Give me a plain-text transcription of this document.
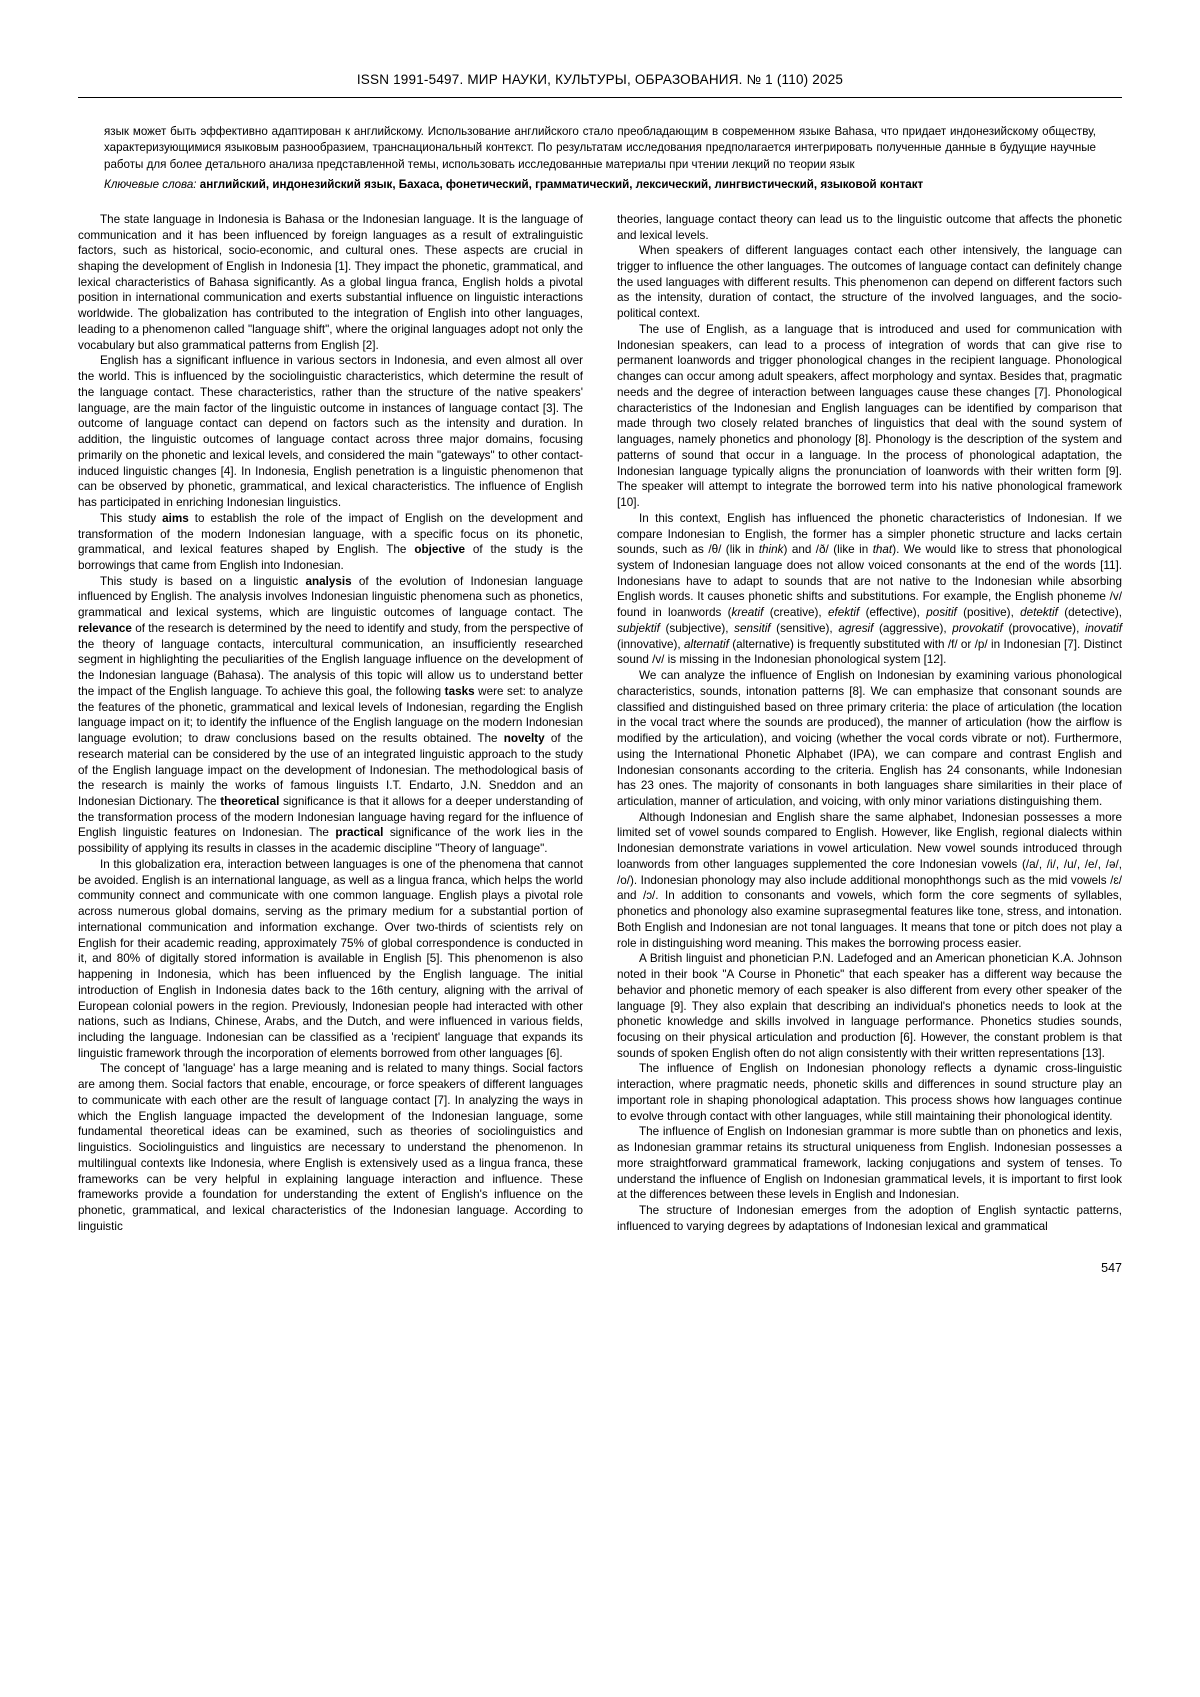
ISSN 1991-5497. МИР НАУКИ, КУЛЬТУРЫ, ОБРАЗОВАНИЯ. № 1 (110) 2025
язык может быть эффективно адаптирован к английскому. Использование английского стало преобладающим в современном языке Bahasa, что придает индонезийскому обществу, характеризующимися языковым разнообразием, транснациональный контекст. По результатам исследования предполагается интегрировать полученные данные в будущие научные работы для более детального анализа представленной темы, использовать исследованные материалы при чтении лекций по теории язык
Ключевые слова: английский, индонезийский язык, Бахаса, фонетический, грамматический, лексический, лингвистический, языковой контакт

The state language in Indonesia is Bahasa or the Indonesian language. It is the language of communication and it has been influenced by foreign languages as a result of extralinguistic factors, such as historical, socio-economic, and cultural ones. These aspects are crucial in shaping the development of English in Indonesia [1]. They impact the phonetic, grammatical, and lexical characteristics of Bahasa significantly. As a global lingua franca, English holds a pivotal position in international communication and exerts substantial influence on linguistic interactions worldwide. The globalization has contributed to the integration of English into other languages, leading to a phenomenon called "language shift", where the original languages adopt not only the vocabulary but also grammatical patterns from English [2].

English has a significant influence in various sectors in Indonesia, and even almost all over the world. This is influenced by the sociolinguistic characteristics, which determine the result of the language contact. These characteristics, rather than the structure of the native speakers' language, are the main factor of the linguistic outcome in instances of language contact [3]. The outcome of language contact can depend on factors such as the intensity and duration. In addition, the linguistic outcomes of language contact across three major domains, focusing primarily on the phonetic and lexical levels, and considered the main "gateways" to other contact-induced linguistic changes [4]. In Indonesia, English penetration is a linguistic phenomenon that can be observed by phonetic, grammatical, and lexical characteristics. The influence of English has participated in enriching Indonesian linguistics.

This study aims to establish the role of the impact of English on the development and transformation of the modern Indonesian language, with a specific focus on its phonetic, grammatical, and lexical features shaped by English. The objective of the study is the borrowings that came from English into Indonesian.

This study is based on a linguistic analysis of the evolution of Indonesian language influenced by English. The analysis involves Indonesian linguistic phenomena such as phonetics, grammatical and lexical systems, which are linguistic outcomes of language contact. The relevance of the research is determined by the need to identify and study, from the perspective of the theory of language contacts, intercultural communication, an insufficiently researched segment in highlighting the peculiarities of the English language influence on the development of the Indonesian language (Bahasa). The analysis of this topic will allow us to understand better the impact of the English language. To achieve this goal, the following tasks were set: to analyze the features of the phonetic, grammatical and lexical levels of Indonesian, regarding the English language impact on it; to identify the influence of the English language on the modern Indonesian language evolution; to draw conclusions based on the results obtained. The novelty of the research material can be considered by the use of an integrated linguistic approach to the study of the English language impact on the development of Indonesian. The methodological basis of the research is mainly the works of famous linguists I.T. Endarto, J.N. Sneddon and an Indonesian Dictionary. The theoretical significance is that it allows for a deeper understanding of the transformation process of the modern Indonesian language having regard for the influence of English linguistic features on Indonesian. The practical significance of the work lies in the possibility of applying its results in classes in the academic discipline "Theory of language".

In this globalization era, interaction between languages is one of the phenomena that cannot be avoided. English is an international language, as well as a lingua franca, which helps the world community connect and communicate with one common language. English plays a pivotal role across numerous global domains, serving as the primary medium for a substantial portion of international communication and information exchange. Over two-thirds of scientists rely on English for their academic reading, approximately 75% of global correspondence is conducted in it, and 80% of digitally stored information is available in English [5]. This phenomenon is also happening in Indonesia, which has been influenced by the English language. The initial introduction of English in Indonesia dates back to the 16th century, aligning with the arrival of European colonial powers in the region. Previously, Indonesian people had interacted with other nations, such as Indians, Chinese, Arabs, and the Dutch, and were influenced in various fields, including the language. Indonesian can be classified as a 'recipient' language that expands its linguistic framework through the incorporation of elements borrowed from other languages [6].

The concept of 'language' has a large meaning and is related to many things. Social factors are among them. Social factors that enable, encourage, or force speakers of different languages to communicate with each other are the result of language contact [7]. In analyzing the ways in which the English language impacted the development of the Indonesian language, some fundamental theoretical ideas can be examined, such as theories of sociolinguistics and linguistics. Sociolinguistics and linguistics are necessary to understand the phenomenon. In multilingual contexts like Indonesia, where English is extensively used as a lingua franca, these frameworks can be very helpful in explaining language interaction and influence. These frameworks provide a foundation for understanding the extent of English's influence on the phonetic, grammatical, and lexical characteristics of the Indonesian language. According to linguistic

theories, language contact theory can lead us to the linguistic outcome that affects the phonetic and lexical levels.

When speakers of different languages contact each other intensively, the language can trigger to influence the other languages. The outcomes of language contact can definitely change the used languages with different results. This phenomenon can depend on different factors such as the intensity, duration of contact, the structure of the involved languages, and the socio-political context.

The use of English, as a language that is introduced and used for communication with Indonesian speakers, can lead to a process of integration of words that can give rise to permanent loanwords and trigger phonological changes in the recipient language. Phonological changes can occur among adult speakers, affect morphology and syntax. Besides that, pragmatic needs and the degree of interaction between languages cause these changes [7]. Phonological characteristics of the Indonesian and English languages can be identified by comparison that made through two closely related branches of linguistics that deal with the sound system of languages, namely phonetics and phonology [8]. Phonology is the description of the system and patterns of sound that occur in a language. In the process of phonological adaptation, the Indonesian language typically aligns the pronunciation of loanwords with their written form [9]. The speaker will attempt to integrate the borrowed term into his native phonological framework [10].

In this context, English has influenced the phonetic characteristics of Indonesian. If we compare Indonesian to English, the former has a simpler phonetic structure and lacks certain sounds, such as /θ/ (lik in think) and /ð/ (like in that). We would like to stress that phonological system of Indonesian language does not allow voiced consonants at the end of the words [11]. Indonesians have to adapt to sounds that are not native to the Indonesian while absorbing English words. It causes phonetic shifts and substitutions. For example, the English phoneme /v/ found in loanwords (kreatif (creative), efektif (effective), positif (positive), detektif (detective), subjektif (subjective), sensitif (sensitive), agresif (aggressive), provokatif (provocative), inovatif (innovative), alternatif (alternative) is frequently substituted with /f/ or /p/ in Indonesian [7]. Distinct sound /v/ is missing in the Indonesian phonological system [12].

We can analyze the influence of English on Indonesian by examining various phonological characteristics, sounds, intonation patterns [8]. We can emphasize that consonant sounds are classified and distinguished based on three primary criteria: the place of articulation (the location in the vocal tract where the sounds are produced), the manner of articulation (how the airflow is modified by the articulation), and voicing (whether the vocal cords vibrate or not). Furthermore, using the International Phonetic Alphabet (IPA), we can compare and contrast English and Indonesian consonants according to the criteria. English has 24 consonants, while Indonesian has 23 ones. The majority of consonants in both languages share similarities in their place of articulation, manner of articulation, and voicing, with only minor variations distinguishing them.

Although Indonesian and English share the same alphabet, Indonesian possesses a more limited set of vowel sounds compared to English. However, like English, regional dialects within Indonesian demonstrate variations in vowel articulation. New vowel sounds introduced through loanwords from other languages supplemented the core Indonesian vowels (/a/, /i/, /u/, /e/, /ə/, /o/). Indonesian phonology may also include additional monophthongs such as the mid vowels /ɛ/ and /ɔ/. In addition to consonants and vowels, which form the core segments of syllables, phonetics and phonology also examine suprasegmental features like tone, stress, and intonation. Both English and Indonesian are not tonal languages. It means that tone or pitch does not play a role in distinguishing word meaning. This makes the borrowing process easier.

A British linguist and phonetician P.N. Ladefoged and an American phonetician K.A. Johnson noted in their book "A Course in Phonetic" that each speaker has a different way because the behavior and phonetic memory of each speaker is also different from every other speaker of the language [9]. They also explain that describing an individual's phonetics needs to look at the phonetic knowledge and skills involved in language performance. Phonetics studies sounds, focusing on their physical articulation and production [6]. However, the constant problem is that sounds of spoken English often do not align consistently with their written representations [13].

The influence of English on Indonesian phonology reflects a dynamic cross-linguistic interaction, where pragmatic needs, phonetic skills and differences in sound structure play an important role in shaping phonological adaptation. This process shows how languages continue to evolve through contact with other languages, while still maintaining their phonological identity.

The influence of English on Indonesian grammar is more subtle than on phonetics and lexis, as Indonesian grammar retains its structural uniqueness from English. Indonesian possesses a more straightforward grammatical framework, lacking conjugations and system of tenses. To understand the influence of English on Indonesian grammatical levels, it is important to first look at the differences between these levels in English and Indonesian.

The structure of Indonesian emerges from the adoption of English syntactic patterns, influenced to varying degrees by adaptations of Indonesian lexical and grammatical

547
